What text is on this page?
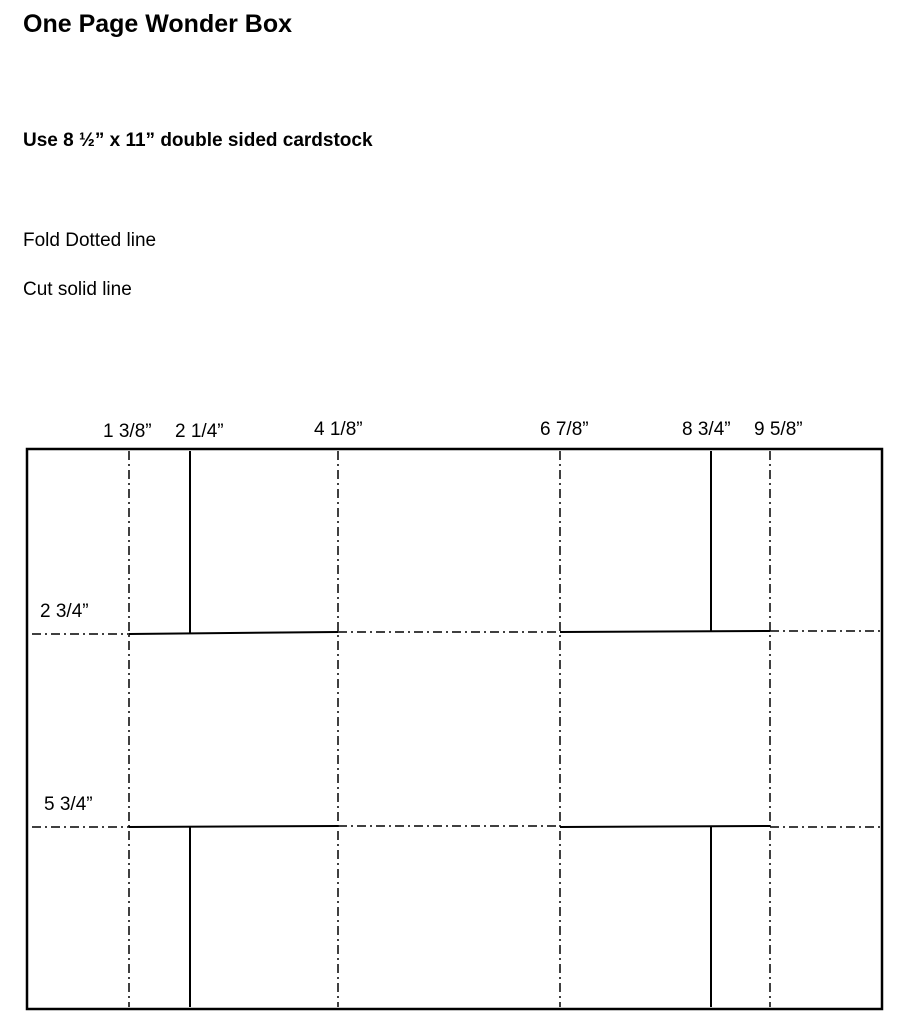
One Page Wonder Box

Use 8 ½” x 11” double sided cardstock

Fold Dotted line

Cut solid line

1 3/8” 2 1/4”	4 1/8”	6 7/8”	8 3/4” 9 5/8”
2 3/4”
5 3/4”
